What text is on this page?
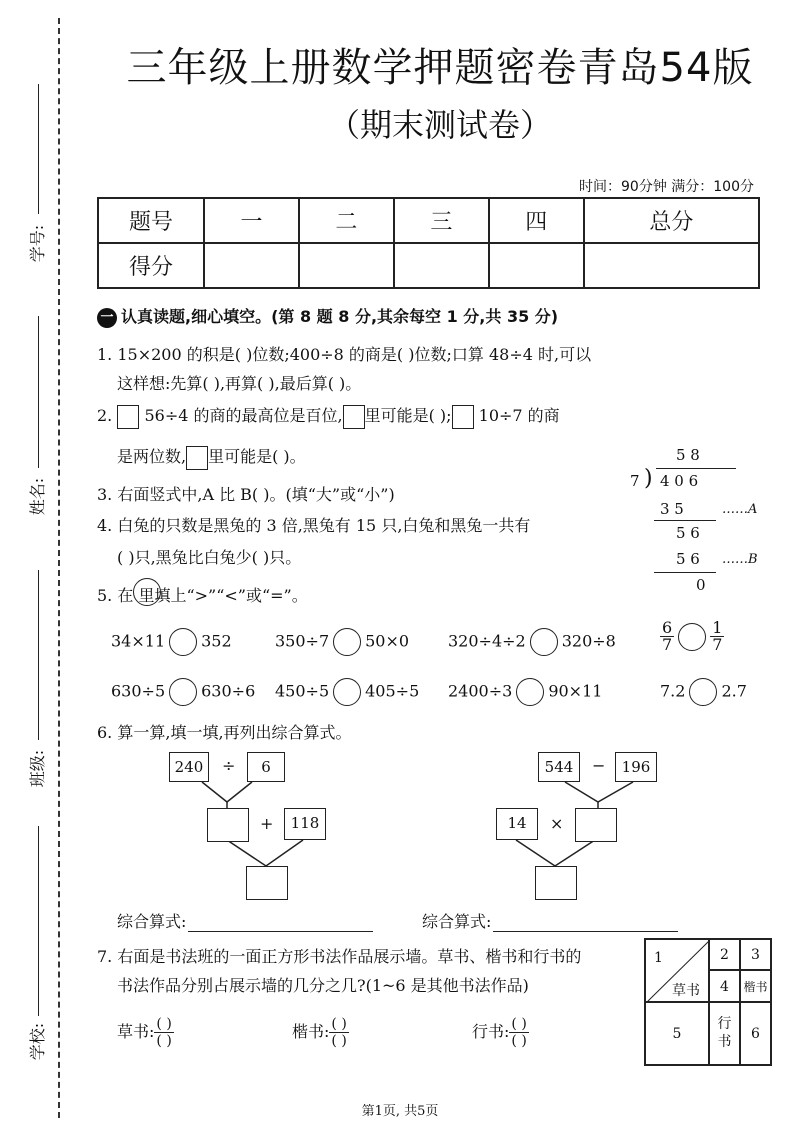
学号:
姓名:
班级:
学校:
三年级上册数学押题密卷青岛54版
（期末测试卷）
时间：90分钟 满分：100分
题号	一	二	三	四	总分
得分					
一 认真读题,细心填空。(第 8 题 8 分,其余每空 1 分,共 35 分)
1. 15×200 的积是( )位数;400÷8 的商是( )位数;口算 48÷4 时,可以
这样想:先算( ),再算( ),最后算( )。
2. 56÷4 的商的最高位是百位, 里可能是( ); 10÷7 的商
是两位数, 里可能是( )。
3. 右面竖式中,A 比 B( )。(填“大”或“小”)
4. 白兔的只数是黑兔的 3 倍,黑兔有 15 只,白兔和黑兔一共有
( )只,黑兔比白兔少( )只。
5 8
7 ) 4 0 6
3 5	……A
5 6
5 6 ……B
0
5. 在 里填上“>”“<”或“=”。
34×11 352	350÷7 50×0 320÷4÷2 320÷8	$\frac{6}{7} \frac{1}{7}$
630÷5 630÷6 450÷5 405÷5 2400÷3 90×11	7.2 2.7
6. 算一算,填一填,再列出综合算式。
240	÷	6
+	118
544	−	196
14	×
综合算式:	综合算式:
7. 右面是书法班的一面正方形书法作品展示墙。草书、楷书和行书的
书法作品分别占展示墙的几分之几?(1~6 是其他书法作品)
草书: $\frac{( )}{( )}$	楷书: $\frac{( )}{( )}$	行书: $\frac{( )}{( )}$
1
草书
2	3
4	楷书
5
行
书	6
第1页, 共5页
